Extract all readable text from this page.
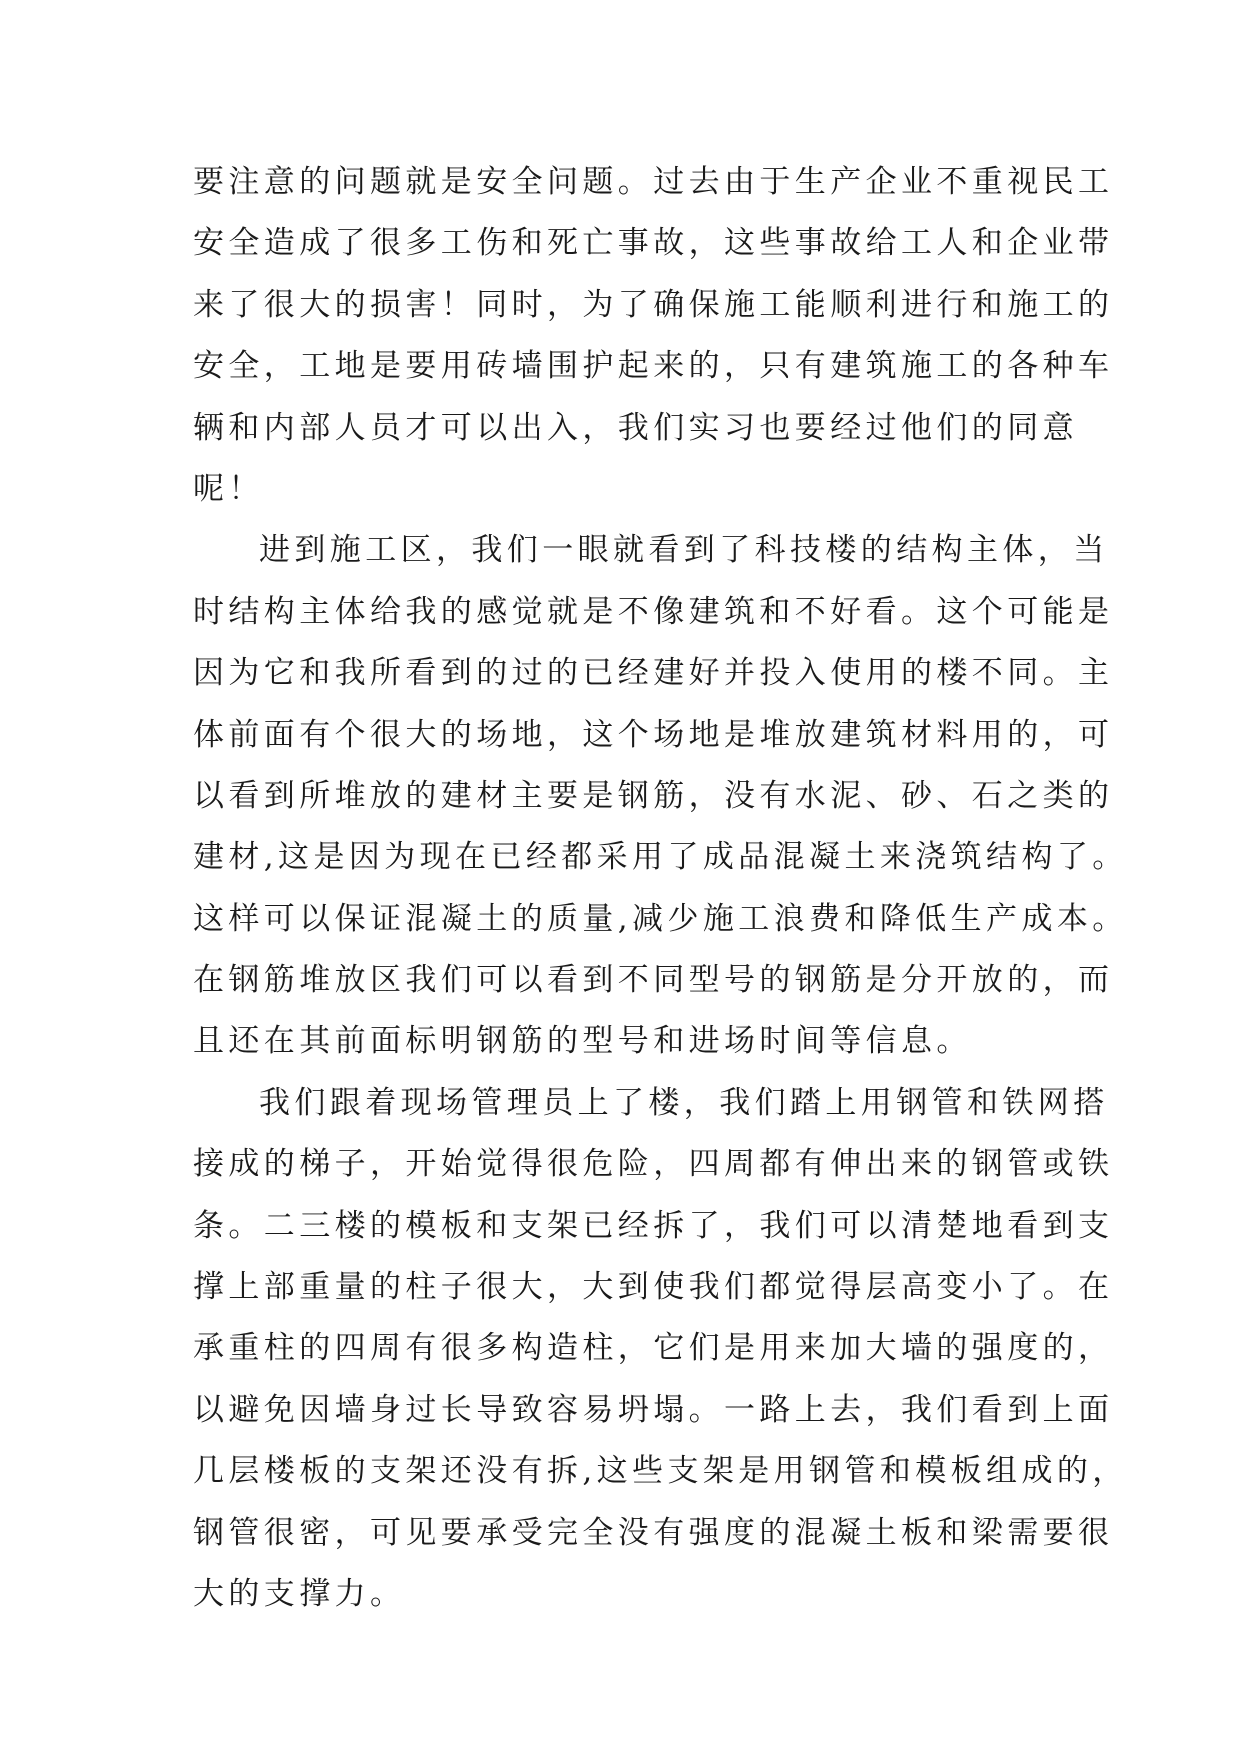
要注意的问题就是安全问题。过去由于生产企业不重视民工
安全造成了很多工伤和死亡事故，这些事故给工人和企业带
来了很大的损害！同时，为了确保施工能顺利进行和施工的
安全，工地是要用砖墙围护起来的，只有建筑施工的各种车
辆和内部人员才可以出入，我们实习也要经过他们的同意
呢！
进到施工区，我们一眼就看到了科技楼的结构主体，当
时结构主体给我的感觉就是不像建筑和不好看。这个可能是
因为它和我所看到的过的已经建好并投入使用的楼不同。主
体前面有个很大的场地，这个场地是堆放建筑材料用的，可
以看到所堆放的建材主要是钢筋，没有水泥、砂、石之类的
建材,这是因为现在已经都采用了成品混凝土来浇筑结构了。
这样可以保证混凝土的质量,减少施工浪费和降低生产成本。
在钢筋堆放区我们可以看到不同型号的钢筋是分开放的，而
且还在其前面标明钢筋的型号和进场时间等信息。
我们跟着现场管理员上了楼，我们踏上用钢管和铁网搭
接成的梯子，开始觉得很危险，四周都有伸出来的钢管或铁
条。二三楼的模板和支架已经拆了，我们可以清楚地看到支
撑上部重量的柱子很大，大到使我们都觉得层高变小了。在
承重柱的四周有很多构造柱，它们是用来加大墙的强度的，
以避免因墙身过长导致容易坍塌。一路上去，我们看到上面
几层楼板的支架还没有拆,这些支架是用钢管和模板组成的，
钢管很密，可见要承受完全没有强度的混凝土板和梁需要很
大的支撑力。
